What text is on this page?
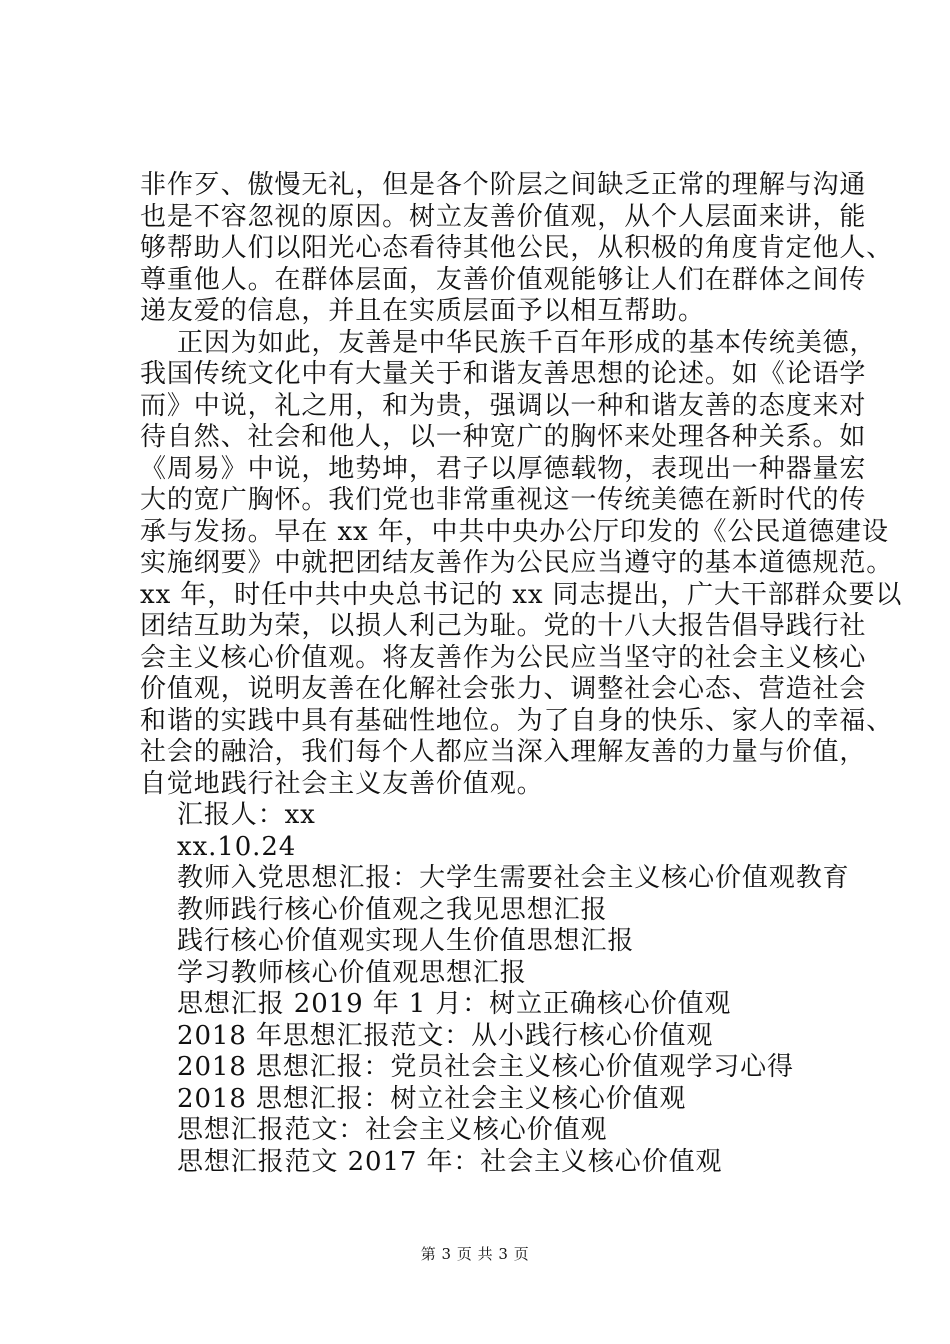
非作歹、傲慢无礼，但是各个阶层之间缺乏正常的理解与沟通
也是不容忽视的原因。树立友善价值观，从个人层面来讲，能
够帮助人们以阳光心态看待其他公民，从积极的角度肯定他人、
尊重他人。在群体层面，友善价值观能够让人们在群体之间传
递友爱的信息，并且在实质层面予以相互帮助。
正因为如此，友善是中华民族千百年形成的基本传统美德，
我国传统文化中有大量关于和谐友善思想的论述。如《论语学
而》中说，礼之用，和为贵，强调以一种和谐友善的态度来对
待自然、社会和他人，以一种宽广的胸怀来处理各种关系。如
《周易》中说，地势坤，君子以厚德载物，表现出一种器量宏
大的宽广胸怀。我们党也非常重视这一传统美德在新时代的传
承与发扬。早在 xx 年，中共中央办公厅印发的《公民道德建设
实施纲要》中就把团结友善作为公民应当遵守的基本道德规范。
xx 年，时任中共中央总书记的 xx 同志提出，广大干部群众要以
团结互助为荣，以损人利己为耻。党的十八大报告倡导践行社
会主义核心价值观。将友善作为公民应当坚守的社会主义核心
价值观，说明友善在化解社会张力、调整社会心态、营造社会
和谐的实践中具有基础性地位。为了自身的快乐、家人的幸福、
社会的融洽，我们每个人都应当深入理解友善的力量与价值，
自觉地践行社会主义友善价值观。
汇报人：xx
xx.10.24
教师入党思想汇报：大学生需要社会主义核心价值观教育
教师践行核心价值观之我见思想汇报
践行核心价值观实现人生价值思想汇报
学习教师核心价值观思想汇报
思想汇报 2019 年 1 月：树立正确核心价值观
2018 年思想汇报范文：从小践行核心价值观
2018 思想汇报：党员社会主义核心价值观学习心得
2018 思想汇报：树立社会主义核心价值观
思想汇报范文：社会主义核心价值观
思想汇报范文 2017 年：社会主义核心价值观
第 3 页 共 3 页
